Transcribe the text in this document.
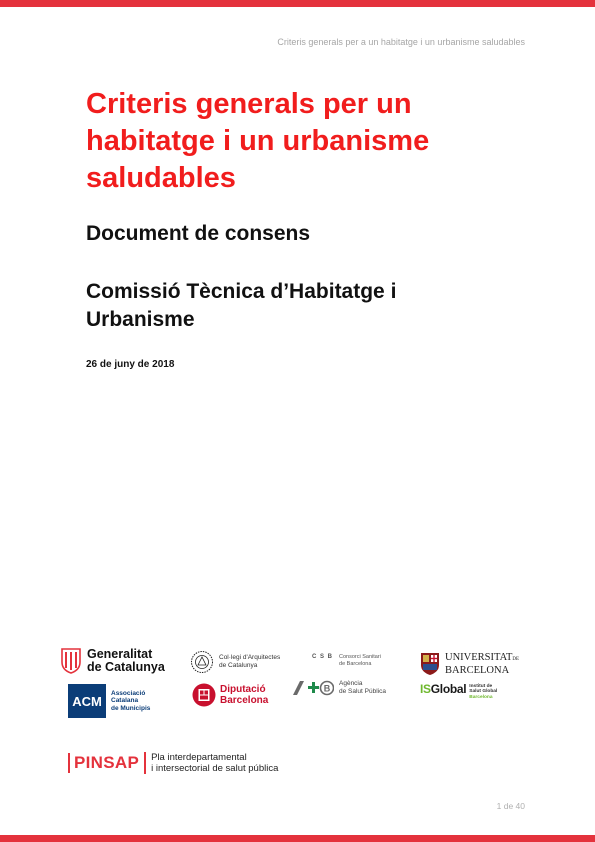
Criteris generals per a un habitatge i un urbanisme saludables
Criteris generals per un habitatge i un urbanisme saludables
Document de consens
Comissió Tècnica d’Habitatge i Urbanisme
26 de juny de 2018
Generalitat
de Catalunya
Col·legi d'Arquitectes
de Catalunya
C S B Consorci Sanitari
de Barcelona
UNIVERSITATDE
BARCELONA
ACM
Associació
Catalana
de Municipis
Diputació
Barcelona
B Agència
de Salut Pública	ISGlobal Institut de
Salut Global
Barcelona
PINSAP Pla interdepartamental
i intersectorial de salut pública
1 de 40
